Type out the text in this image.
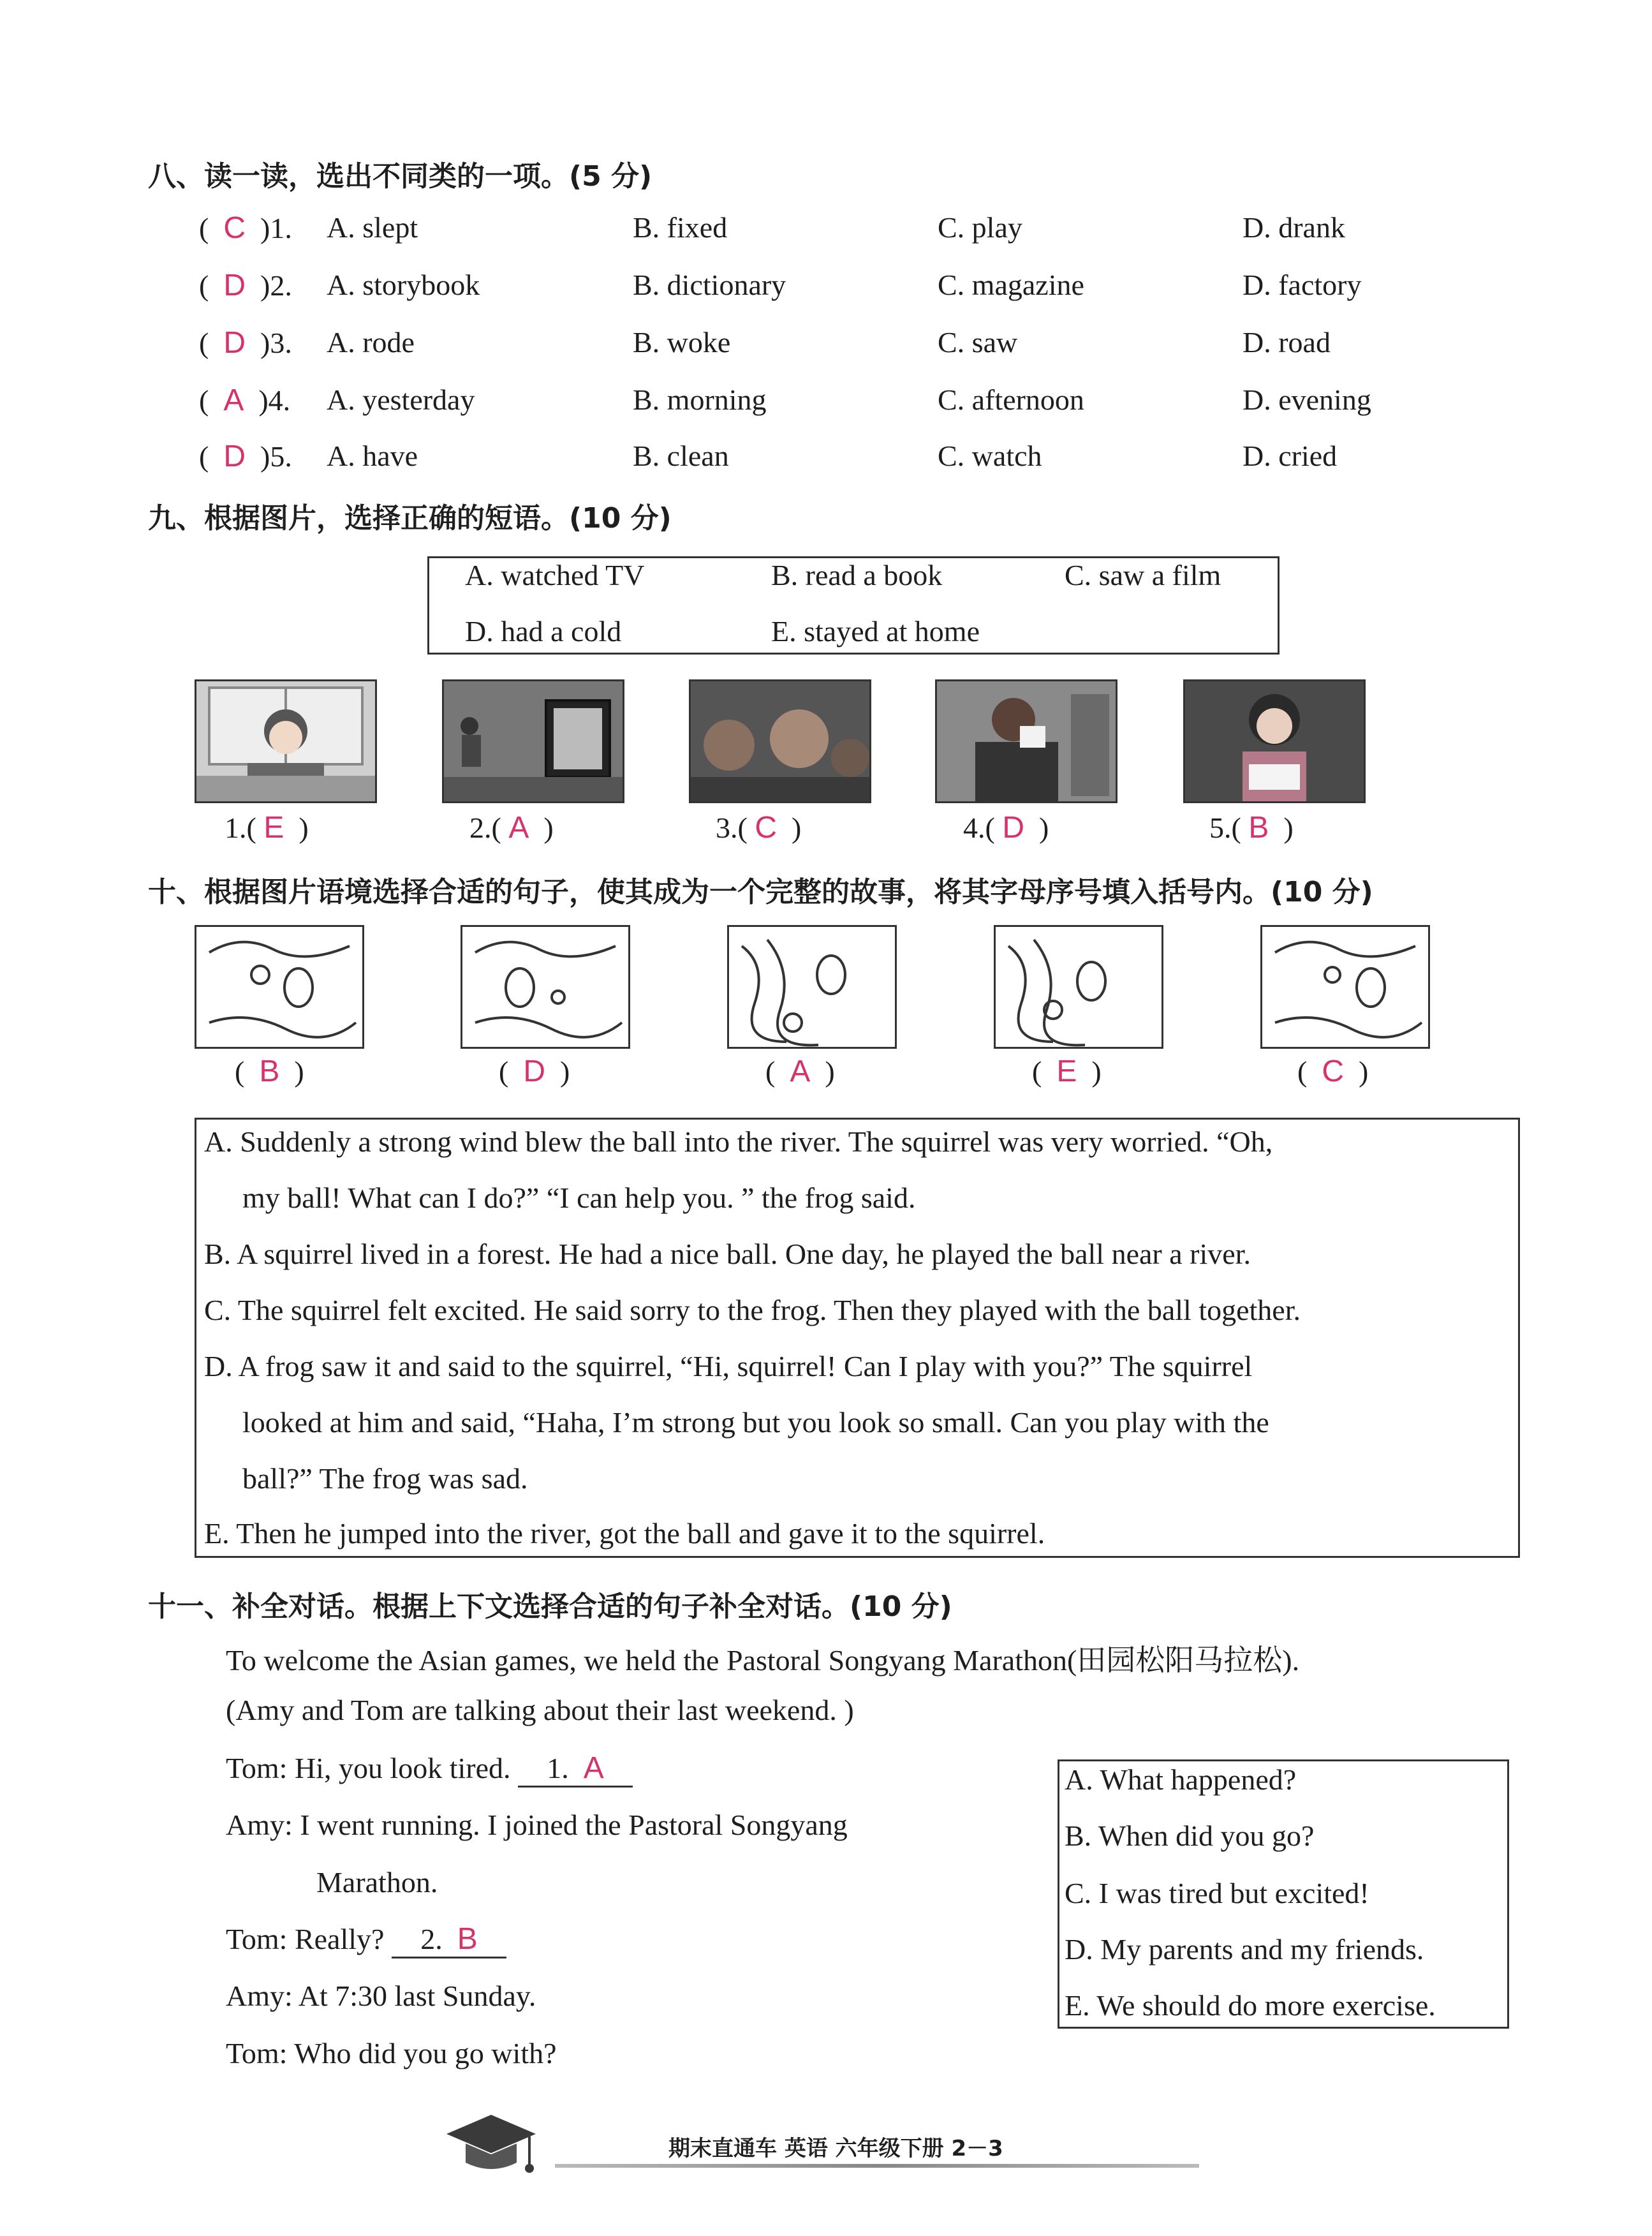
八、读一读，选出不同类的一项。(5 分)
(  C )1. A. slept	B. fixed	C. play	D. drank
(  D )2. A. storybook	B. dictionary	C. magazine	D. factory
(  D )3. A. rode	B. woke	C. saw	D. road
(  A )4. A. yesterday	B. morning	C. afternoon	D. evening
(  D )5. A. have	B. clean	C. watch	D. cried
九、根据图片，选择正确的短语。(10 分)
A. watched TV	B. read a book	C. saw a film
D. had a cold	E. stayed at home
1.( E  )	2.( A  )	3.( C  )	4.( D  )	5.( B  )
十、根据图片语境选择合适的句子，使其成为一个完整的故事，将其字母序号填入括号内。(10 分)
(  B  )	(  D  )	(  A  )	(  E  )	(  C  )
A. Suddenly a strong wind blew the ball into the river. The squirrel was very worried. “Oh,
my ball! What can I do?” “I can help you. ” the frog said.
B. A squirrel lived in a forest. He had a nice ball. One day, he played the ball near a river.
C. The squirrel felt excited. He said sorry to the frog. Then they played with the ball together.
D. A frog saw it and said to the squirrel, “Hi, squirrel! Can I play with you?” The squirrel
looked at him and said, “Haha, I’m strong but you look so small. Can you play with the
ball?” The frog was sad.
E. Then he jumped into the river, got the ball and gave it to the squirrel.
十一、补全对话。根据上下文选择合适的句子补全对话。(10 分)
To welcome the Asian games, we held the Pastoral Songyang Marathon(田园松阳马拉松).
(Amy and Tom are talking about their last weekend. )
Tom: Hi, you look tired. 1. A
Amy: I went running. I joined the Pastoral Songyang
Marathon.
Tom: Really? 2. B
Amy: At 7:30 last Sunday.
Tom: Who did you go with?
A. What happened?
B. When did you go?
C. I was tired but excited!
D. My parents and my friends.
E. We should do more exercise.
期末直通车 英语 六年级下册 2－3
